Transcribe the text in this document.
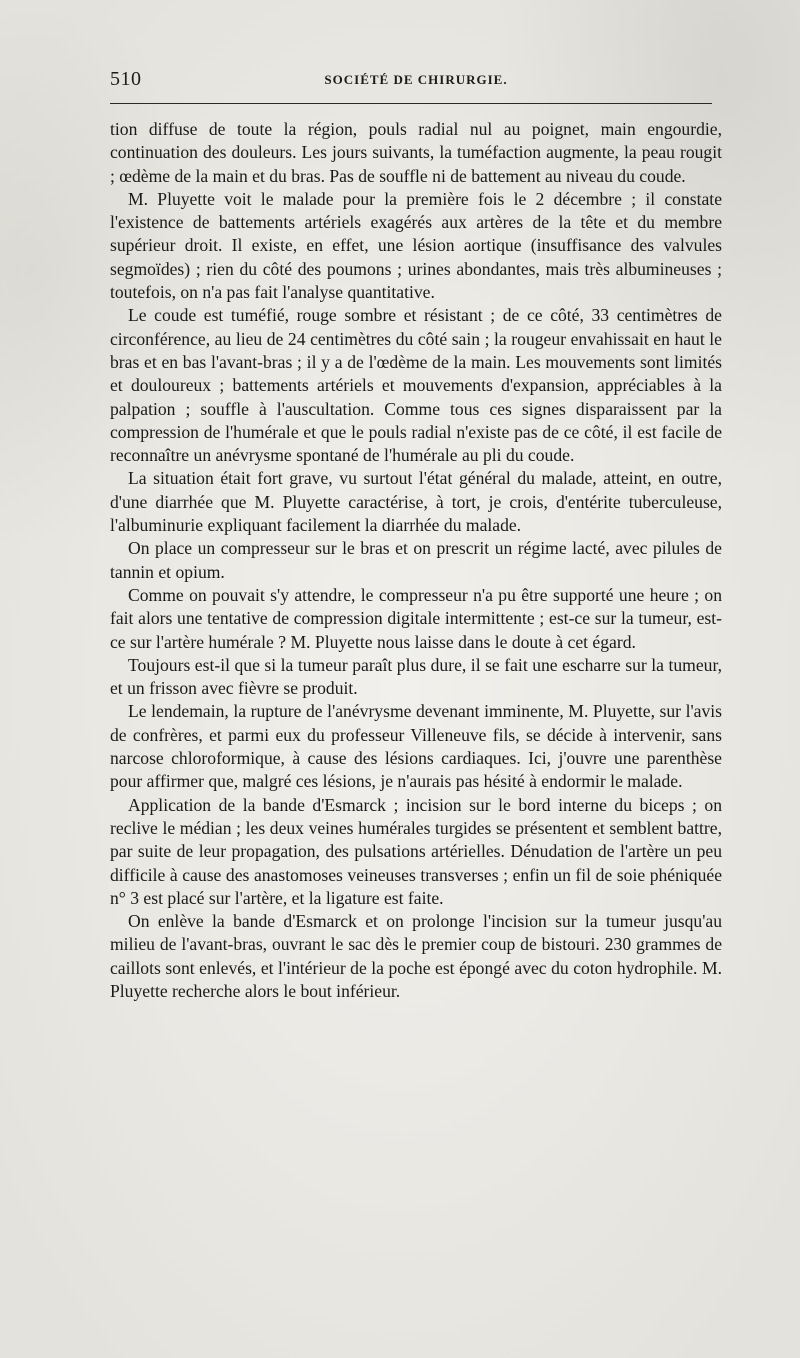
510	SOCIÉTÉ DE CHIRURGIE.

tion diffuse de toute la région, pouls radial nul au poignet, main engourdie, continuation des douleurs. Les jours suivants, la tuméfaction augmente, la peau rougit ; œdème de la main et du bras. Pas de souffle ni de battement au niveau du coude.

M. Pluyette voit le malade pour la première fois le 2 décembre ; il constate l'existence de battements artériels exagérés aux artères de la tête et du membre supérieur droit. Il existe, en effet, une lésion aortique (insuffisance des valvules segmoïdes) ; rien du côté des poumons ; urines abondantes, mais très albumineuses ; toutefois, on n'a pas fait l'analyse quantitative.

Le coude est tuméfié, rouge sombre et résistant ; de ce côté, 33 centimètres de circonférence, au lieu de 24 centimètres du côté sain ; la rougeur envahissait en haut le bras et en bas l'avant-bras ; il y a de l'œdème de la main. Les mouvements sont limités et douloureux ; battements artériels et mouvements d'expansion, appréciables à la palpation ; souffle à l'auscultation. Comme tous ces signes disparaissent par la compression de l'humérale et que le pouls radial n'existe pas de ce côté, il est facile de reconnaître un anévrysme spontané de l'humérale au pli du coude.

La situation était fort grave, vu surtout l'état général du malade, atteint, en outre, d'une diarrhée que M. Pluyette caractérise, à tort, je crois, d'entérite tuberculeuse, l'albuminurie expliquant facilement la diarrhée du malade.

On place un compresseur sur le bras et on prescrit un régime lacté, avec pilules de tannin et opium.

Comme on pouvait s'y attendre, le compresseur n'a pu être supporté une heure ; on fait alors une tentative de compression digitale intermittente ; est-ce sur la tumeur, est-ce sur l'artère humérale ? M. Pluyette nous laisse dans le doute à cet égard.

Toujours est-il que si la tumeur paraît plus dure, il se fait une escharre sur la tumeur, et un frisson avec fièvre se produit.

Le lendemain, la rupture de l'anévrysme devenant imminente, M. Pluyette, sur l'avis de confrères, et parmi eux du professeur Villeneuve fils, se décide à intervenir, sans narcose chloroformique, à cause des lésions cardiaques. Ici, j'ouvre une parenthèse pour affirmer que, malgré ces lésions, je n'aurais pas hésité à endormir le malade.

Application de la bande d'Esmarck ; incision sur le bord interne du biceps ; on reclive le médian ; les deux veines humérales turgides se présentent et semblent battre, par suite de leur propagation, des pulsations artérielles. Dénudation de l'artère un peu difficile à cause des anastomoses veineuses transverses ; enfin un fil de soie phéniquée n° 3 est placé sur l'artère, et la ligature est faite.

On enlève la bande d'Esmarck et on prolonge l'incision sur la tumeur jusqu'au milieu de l'avant-bras, ouvrant le sac dès le premier coup de bistouri. 230 grammes de caillots sont enlevés, et l'intérieur de la poche est épongé avec du coton hydrophile. M. Pluyette recherche alors le bout inférieur.
